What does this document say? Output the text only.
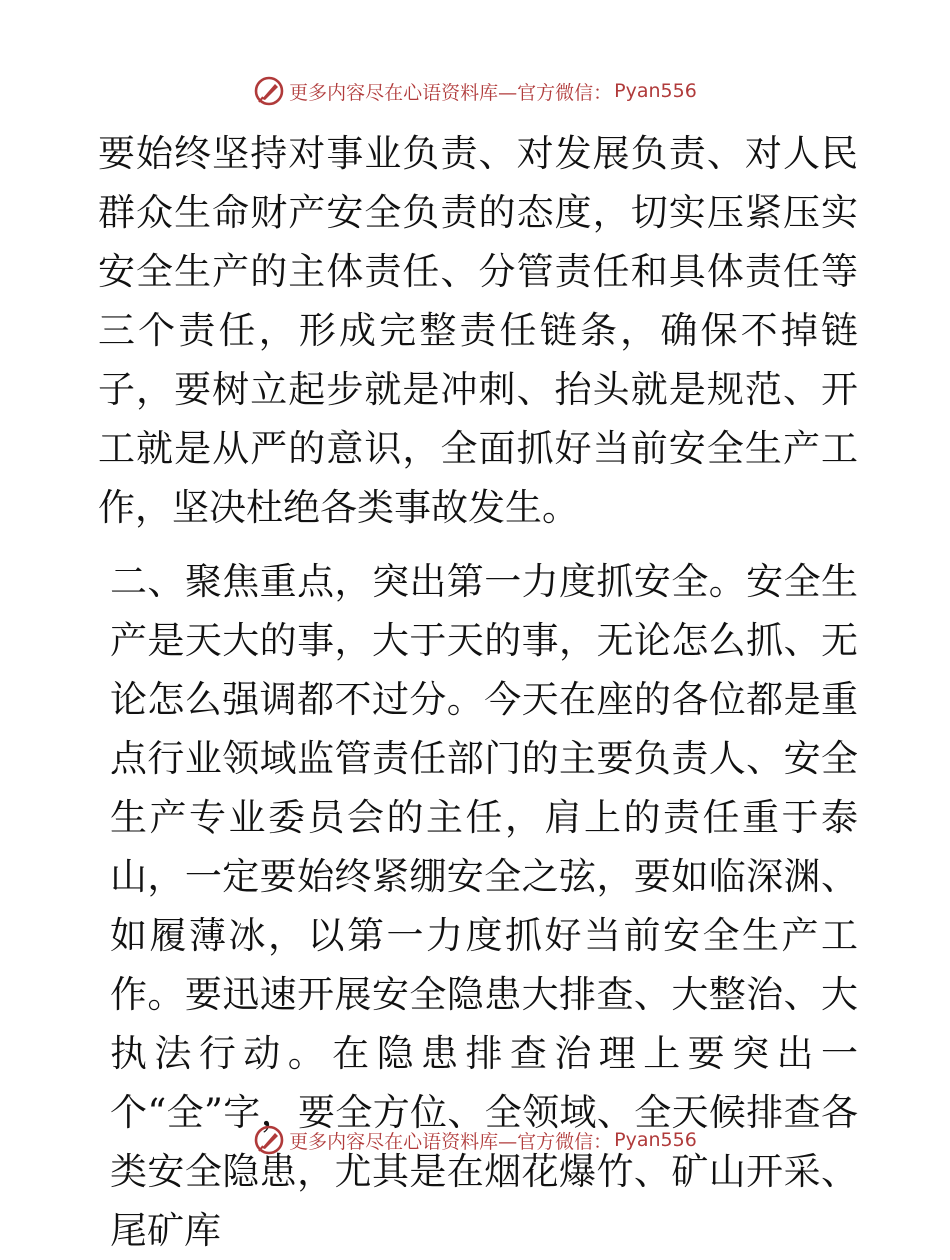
更多内容尽在心语资料库—官方微信： Pyan556

要始终坚持对事业负责、对发展负责、对人民群众生命财产安全负责的态度，切实压紧压实安全生产的主体责任、分管责任和具体责任等三个责任，形成完整责任链条，确保不掉链子，要树立起步就是冲刺、抬头就是规范、开工就是从严的意识，全面抓好当前安全生产工作，坚决杜绝各类事故发生。

二、聚焦重点，突出第一力度抓安全。安全生产是天大的事，大于天的事，无论怎么抓、无论怎么强调都不过分。今天在座的各位都是重点行业领域监管责任部门的主要负责人、安全生产专业委员会的主任，肩上的责任重于泰山，一定要始终紧绷安全之弦，要如临深渊、如履薄冰，以第一力度抓好当前安全生产工作。要迅速开展安全隐患大排查、大整治、大执法行动。在隐患排查治理上要突出一个“全”字，要全方位、全领域、全天候排查各类安全隐患，尤其是在烟花爆竹、矿山开采、尾矿库

更多内容尽在心语资料库—官方微信： Pyan556
